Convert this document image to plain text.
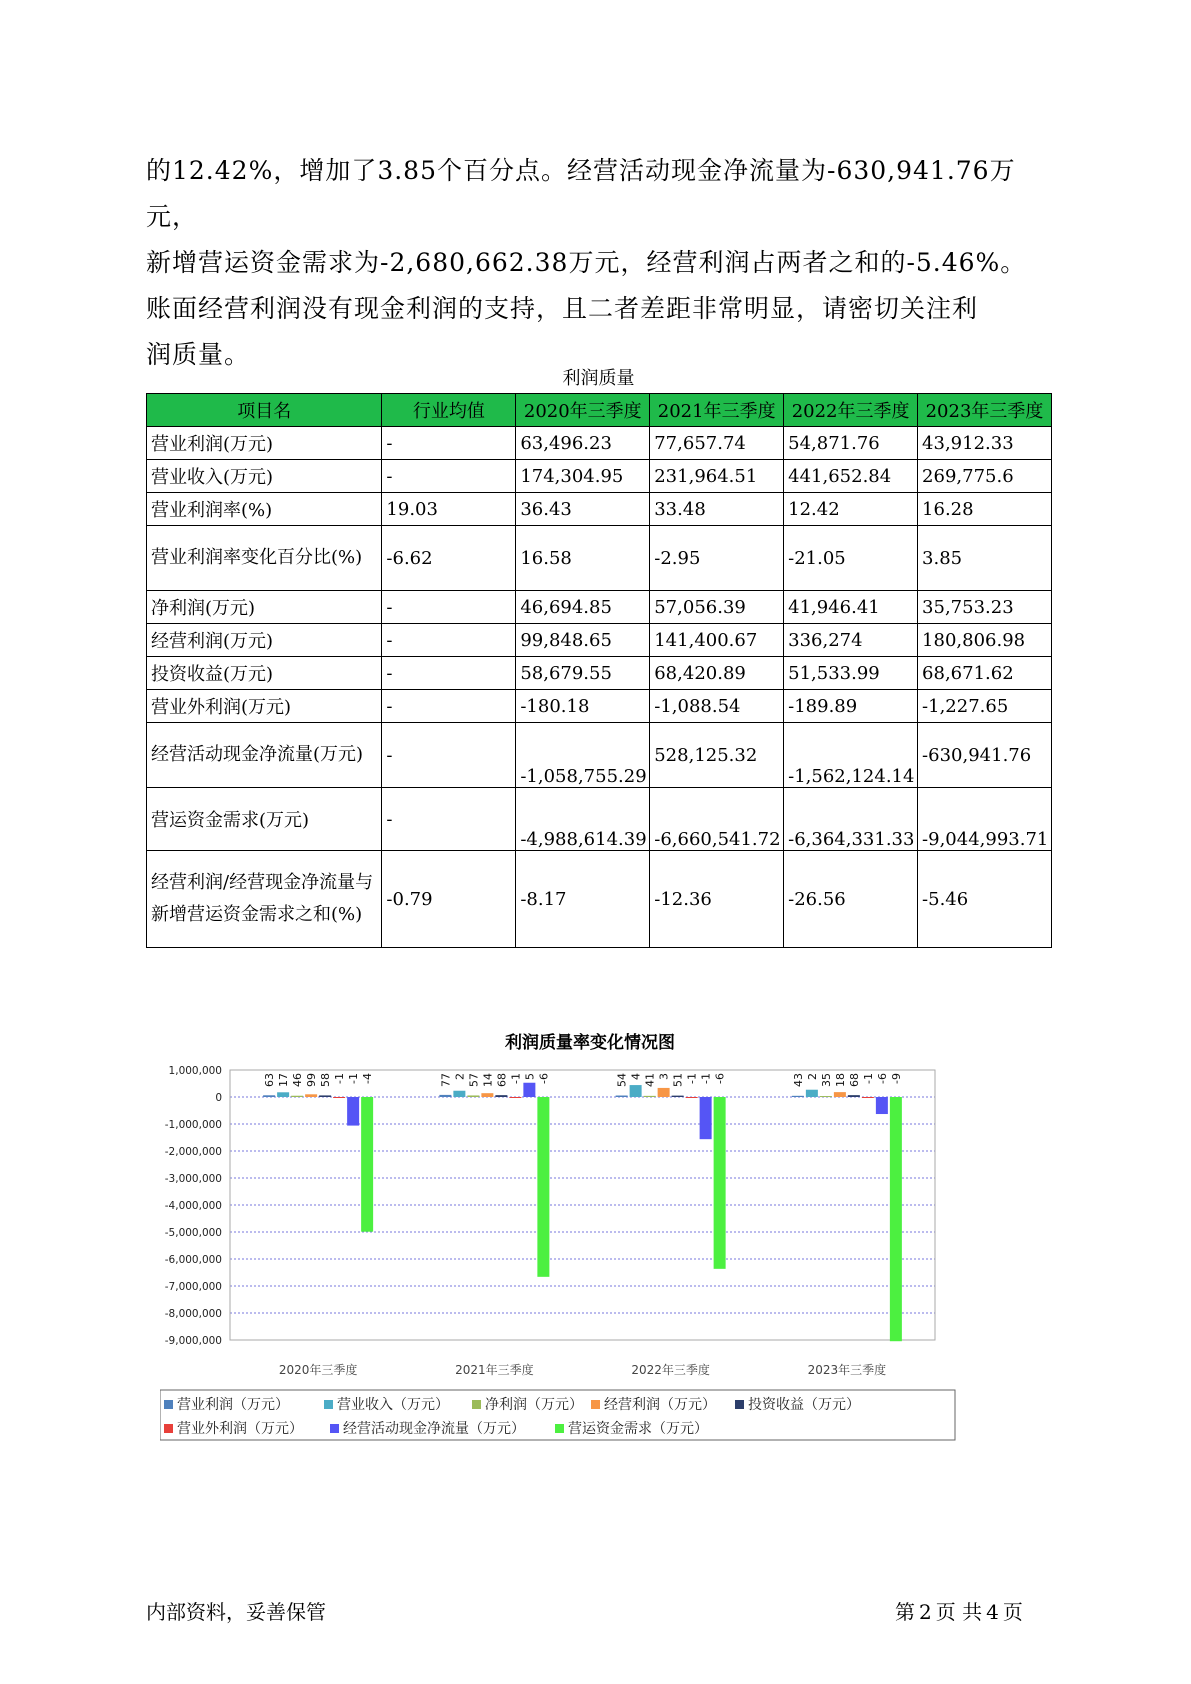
的12.42%，增加了3.85个百分点。经营活动现金净流量为-630,941.76万元，
新增营运资金需求为-2,680,662.38万元，经营利润占两者之和的-5.46%。
账面经营利润没有现金利润的支持，且二者差距非常明显，请密切关注利
润质量。

利润质量
项目名	行业均值	2020年三季度	2021年三季度	2022年三季度	2023年三季度
营业利润(万元)	-	63,496.23	77,657.74	54,871.76	43,912.33
营业收入(万元)	-	174,304.95	231,964.51	441,652.84	269,775.6
营业利润率(%)	19.03	36.43	33.48	12.42	16.28
营业利润率变化百分比(%)	-6.62	16.58	-2.95	-21.05	3.85
净利润(万元)	-	46,694.85	57,056.39	41,946.41	35,753.23
经营利润(万元)	-	99,848.65	141,400.67	336,274	180,806.98
投资收益(万元)	-	58,679.55	68,420.89	51,533.99	68,671.62
营业外利润(万元)	-	-180.18	-1,088.54	-189.89	-1,227.65
经营活动现金净流量(万元)	-	-1,058,755.29	528,125.32	-1,562,124.14	-630,941.76
营运资金需求(万元)	-	-4,988,614.39	-6,660,541.72	-6,364,331.33	-9,044,993.71
经营利润/经营现金净流量与新增营运资金需求之和(%)	-0.79	-8.17	-12.36	-26.56	-5.46
利润质量率变化情况图
1,000,000
0
-1,000,000
-2,000,000
-3,000,000
-4,000,000
-5,000,000
-6,000,000
-7,000,000
-8,000,000
-9,000,000
63 17 46 99 58 -1 -1 -4
2020年三季度
77 2 57 14 68 -1 5 -6
2021年三季度
54 4 41 3 51 -1 -1 -6
2022年三季度
43 2 35 18 68 -1 -6 -9
2023年三季度
营业利润（万元）	营业收入（万元）	净利润（万元） 经营利润（万元） 投资收益（万元）
营业外利润（万元）	经营活动现金净流量（万元）	营运资金需求（万元）
内部资料，妥善保管	第 2 页 共 4 页
